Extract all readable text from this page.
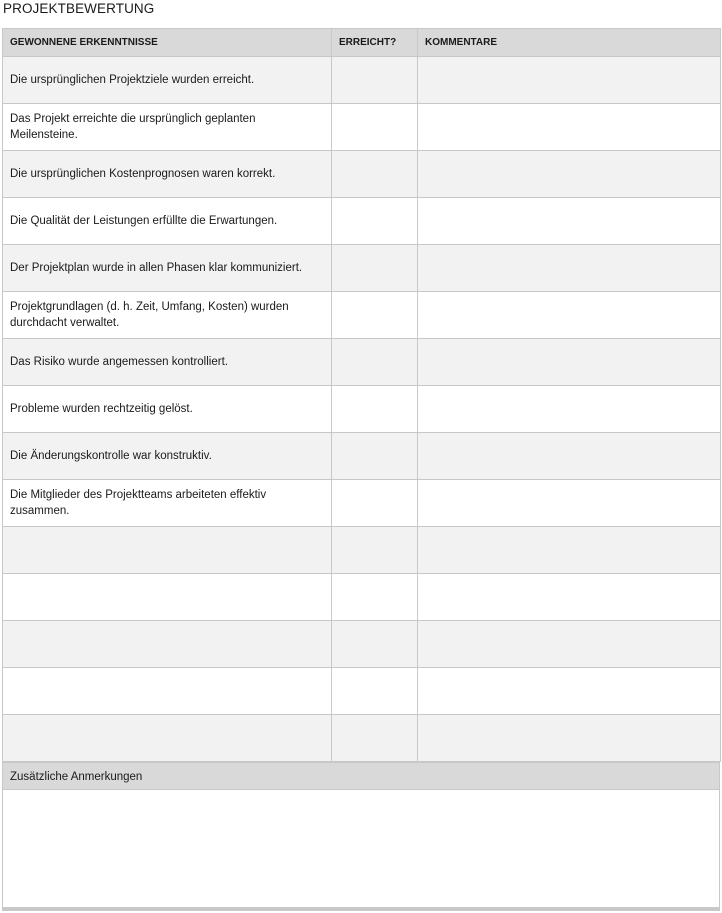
PROJEKTBEWERTUNG
GEWONNENE ERKENNTNISSE	ERREICHT?	KOMMENTARE
Die ursprünglichen Projektziele wurden erreicht.		
Das Projekt erreichte die ursprünglich geplanten Meilensteine.		
Die ursprünglichen Kostenprognosen waren korrekt.		
Die Qualität der Leistungen erfüllte die Erwartungen.		
Der Projektplan wurde in allen Phasen klar kommuniziert.		
Projektgrundlagen (d. h. Zeit, Umfang, Kosten) wurden durchdacht verwaltet.		
Das Risiko wurde angemessen kontrolliert.		
Probleme wurden rechtzeitig gelöst.		
Die Änderungskontrolle war konstruktiv.		
Die Mitglieder des Projektteams arbeiteten effektiv zusammen.		

Zusätzliche Anmerkungen
